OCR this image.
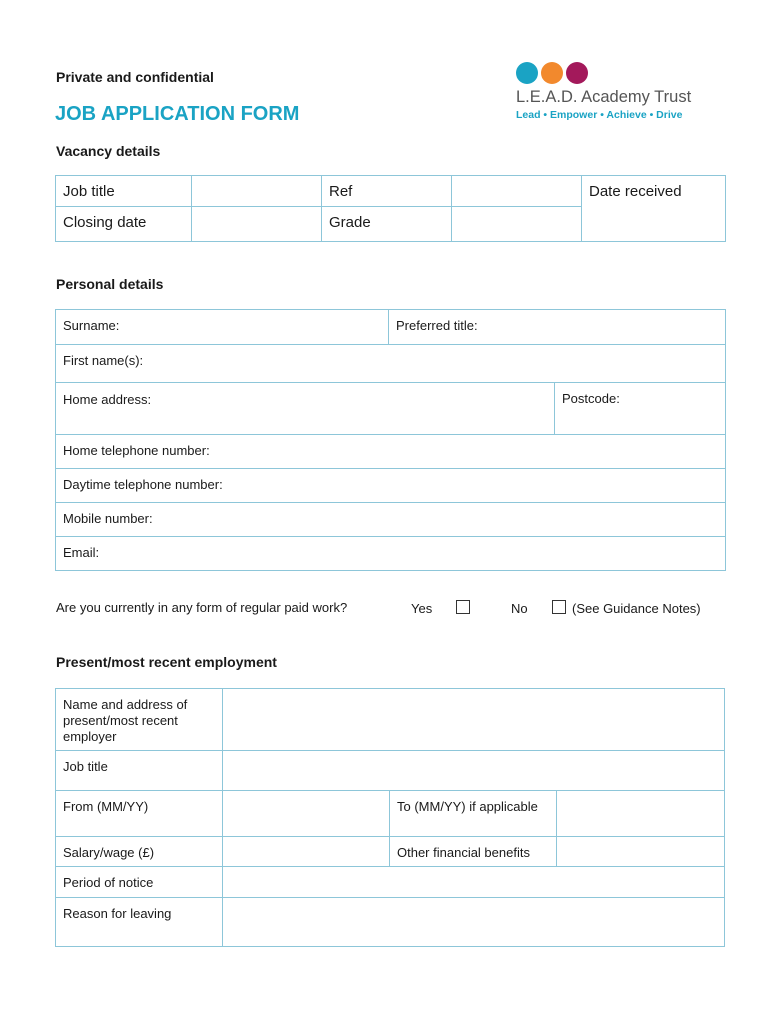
Private and confidential
JOB APPLICATION FORM
L.E.A.D. Academy Trust
Lead • Empower • Achieve • Drive
Vacancy details
Job title		Ref		Date received
Closing date		Grade		
Personal details
Surname:	Preferred title:	
First name(s):		
Home address:		Postcode:
Home telephone number:		
Daytime telephone number:		
Mobile number:		
Email:		
Are you currently in any form of regular paid work?	Yes	No	(See Guidance Notes)
Present/most recent employment
Name and address of present/most recent employer			
Job title			
From (MM/YY)		To (MM/YY) if applicable	
Salary/wage (£)		Other financial benefits	
Period of notice			
Reason for leaving			
